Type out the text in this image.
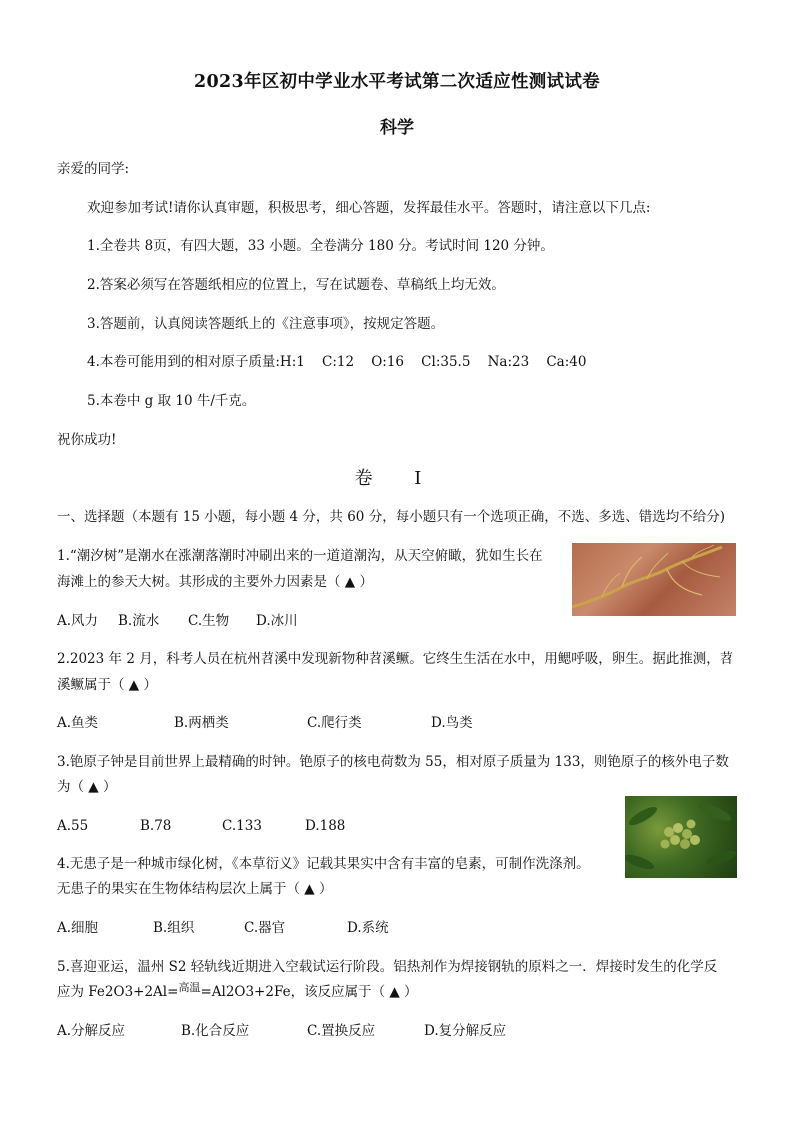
2023年区初中学业水平考试第二次适应性测试试卷
科学
亲爱的同学:
欢迎参加考试!请你认真审题，积极思考，细心答题，发挥最佳水平。答题时，请注意以下几点:
1.全卷共 8页，有四大题，33 小题。全卷满分 180 分。考试时间 120 分钟。
2.答案必须写在答题纸相应的位置上，写在试题卷、草稿纸上均无效。
3.答题前，认真阅读答题纸上的《注意事项》，按规定答题。
4.本卷可能用到的相对原子质量:H:1    C:12    O:16    Cl:35.5    Na:23    Ca:40
5.本卷中 g 取 10 牛/千克。
祝你成功!
卷 I
一、选择题（本题有 15 小题，每小题 4 分，共 60 分，每小题只有一个选项正确，不选、多选、错选均不给分)
1.“潮汐树”是潮水在涨潮落潮时冲刷出来的一道道潮沟，从天空俯瞰，犹如生长在
海滩上的参天大树。其形成的主要外力因素是（ ▲ ）
A.风力 B.流水 C.生物 D.冰川
2.2023 年 2 月，科考人员在杭州苕溪中发现新物种苕溪鳜。它终生生活在水中，用鳃呼吸，卵生。据此推测，苕
溪鳜属于（ ▲ ）
A.鱼类	B.两栖类	C.爬行类	D.鸟类
3.铯原子钟是目前世界上最精确的时钟。铯原子的核电荷数为 55，相对原子质量为 133，则铯原子的核外电子数
为（ ▲ ）
A.55	B.78	C.133	D.188
4.无患子是一种城市绿化树，《本草衍义》记载其果实中含有丰富的皂素，可制作洗涤剂。
无患子的果实在生物体结构层次上属于（ ▲ ）
A.细胞	B.组织	C.器官	D.系统
5.喜迎亚运，温州 S2 轻轨线近期进入空载试运行阶段。铝热剂作为焊接钢轨的原料之一．焊接时发生的化学反
应为 Fe2O3+2Al=$^{高温}$=Al2O3+2Fe，该反应属于（ ▲ ）
A.分解反应	B.化合反应	C.置换反应	D.复分解反应
